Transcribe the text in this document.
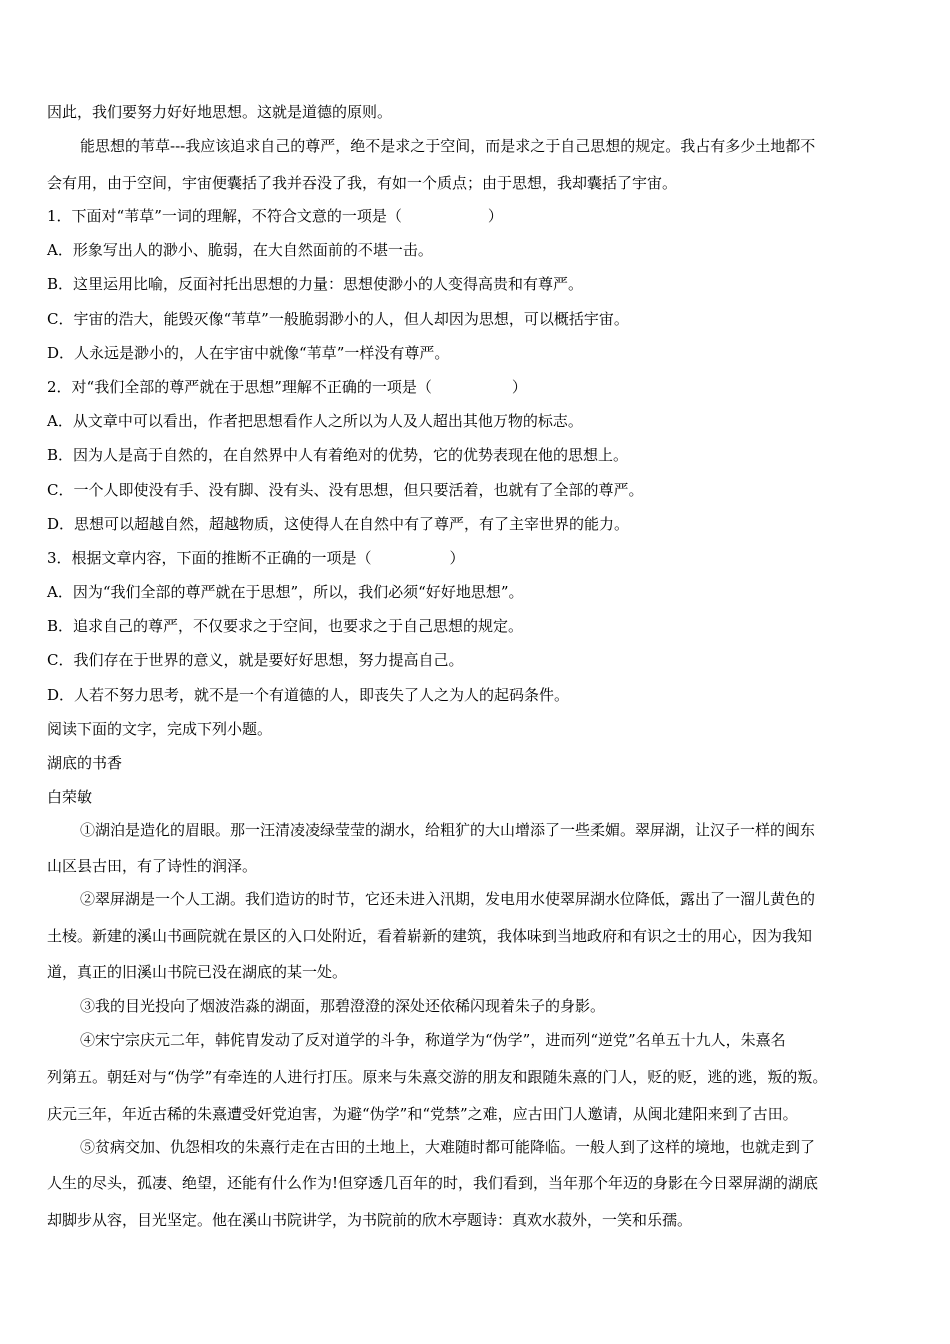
因此，我们要努力好好地思想。这就是道德的原则。
能思想的苇草---我应该追求自己的尊严，绝不是求之于空间，而是求之于自己思想的规定。我占有多少土地都不
会有用，由于空间，宇宙便囊括了我并吞没了我，有如一个质点；由于思想，我却囊括了宇宙。
1．下面对“苇草”一词的理解，不符合文意的一项是（	）
A．形象写出人的渺小、脆弱，在大自然面前的不堪一击。
B．这里运用比喻，反面衬托出思想的力量：思想使渺小的人变得高贵和有尊严。
C．宇宙的浩大，能毁灭像“苇草”一般脆弱渺小的人，但人却因为思想，可以概括宇宙。
D．人永远是渺小的，人在宇宙中就像“苇草”一样没有尊严。
2．对“我们全部的尊严就在于思想”理解不正确的一项是（	）
A．从文章中可以看出，作者把思想看作人之所以为人及人超出其他万物的标志。
B．因为人是高于自然的，在自然界中人有着绝对的优势，它的优势表现在他的思想上。
C．一个人即使没有手、没有脚、没有头、没有思想，但只要活着，也就有了全部的尊严。
D．思想可以超越自然，超越物质，这使得人在自然中有了尊严，有了主宰世界的能力。
3．根据文章内容，下面的推断不正确的一项是（	）
A．因为“我们全部的尊严就在于思想”，所以，我们必须“好好地思想”。
B．追求自己的尊严，不仅要求之于空间，也要求之于自己思想的规定。
C．我们存在于世界的意义，就是要好好思想，努力提高自己。
D．人若不努力思考，就不是一个有道德的人，即丧失了人之为人的起码条件。
阅读下面的文字，完成下列小题。
湖底的书香
白荣敏
①湖泊是造化的眉眼。那一汪清凌凌绿莹莹的湖水，给粗犷的大山增添了一些柔媚。翠屏湖，让汉子一样的闽东
山区县古田，有了诗性的润泽。
②翠屏湖是一个人工湖。我们造访的时节，它还未进入汛期，发电用水使翠屏湖水位降低，露出了一溜儿黄色的
土棱。新建的溪山书画院就在景区的入口处附近，看着崭新的建筑，我体味到当地政府和有识之士的用心，因为我知
道，真正的旧溪山书院已没在湖底的某一处。
③我的目光投向了烟波浩淼的湖面，那碧澄澄的深处还依稀闪现着朱子的身影。
④宋宁宗庆元二年，韩侂胄发动了反对道学的斗争，称道学为“伪学”，进而列“逆党”名单五十九人，朱熹名
列第五。朝廷对与“伪学”有牵连的人进行打压。原来与朱熹交游的朋友和跟随朱熹的门人，贬的贬，逃的逃，叛的叛。
庆元三年，年近古稀的朱熹遭受奸党迫害，为避“伪学”和“党禁”之难，应古田门人邀请，从闽北建阳来到了古田。
⑤贫病交加、仇怨相攻的朱熹行走在古田的土地上，大难随时都可能降临。一般人到了这样的境地，也就走到了
人生的尽头，孤凄、绝望，还能有什么作为!但穿透几百年的时，我们看到，当年那个年迈的身影在今日翠屏湖的湖底
却脚步从容，目光坚定。他在溪山书院讲学，为书院前的欣木亭题诗：真欢水菽外，一笑和乐孺。
